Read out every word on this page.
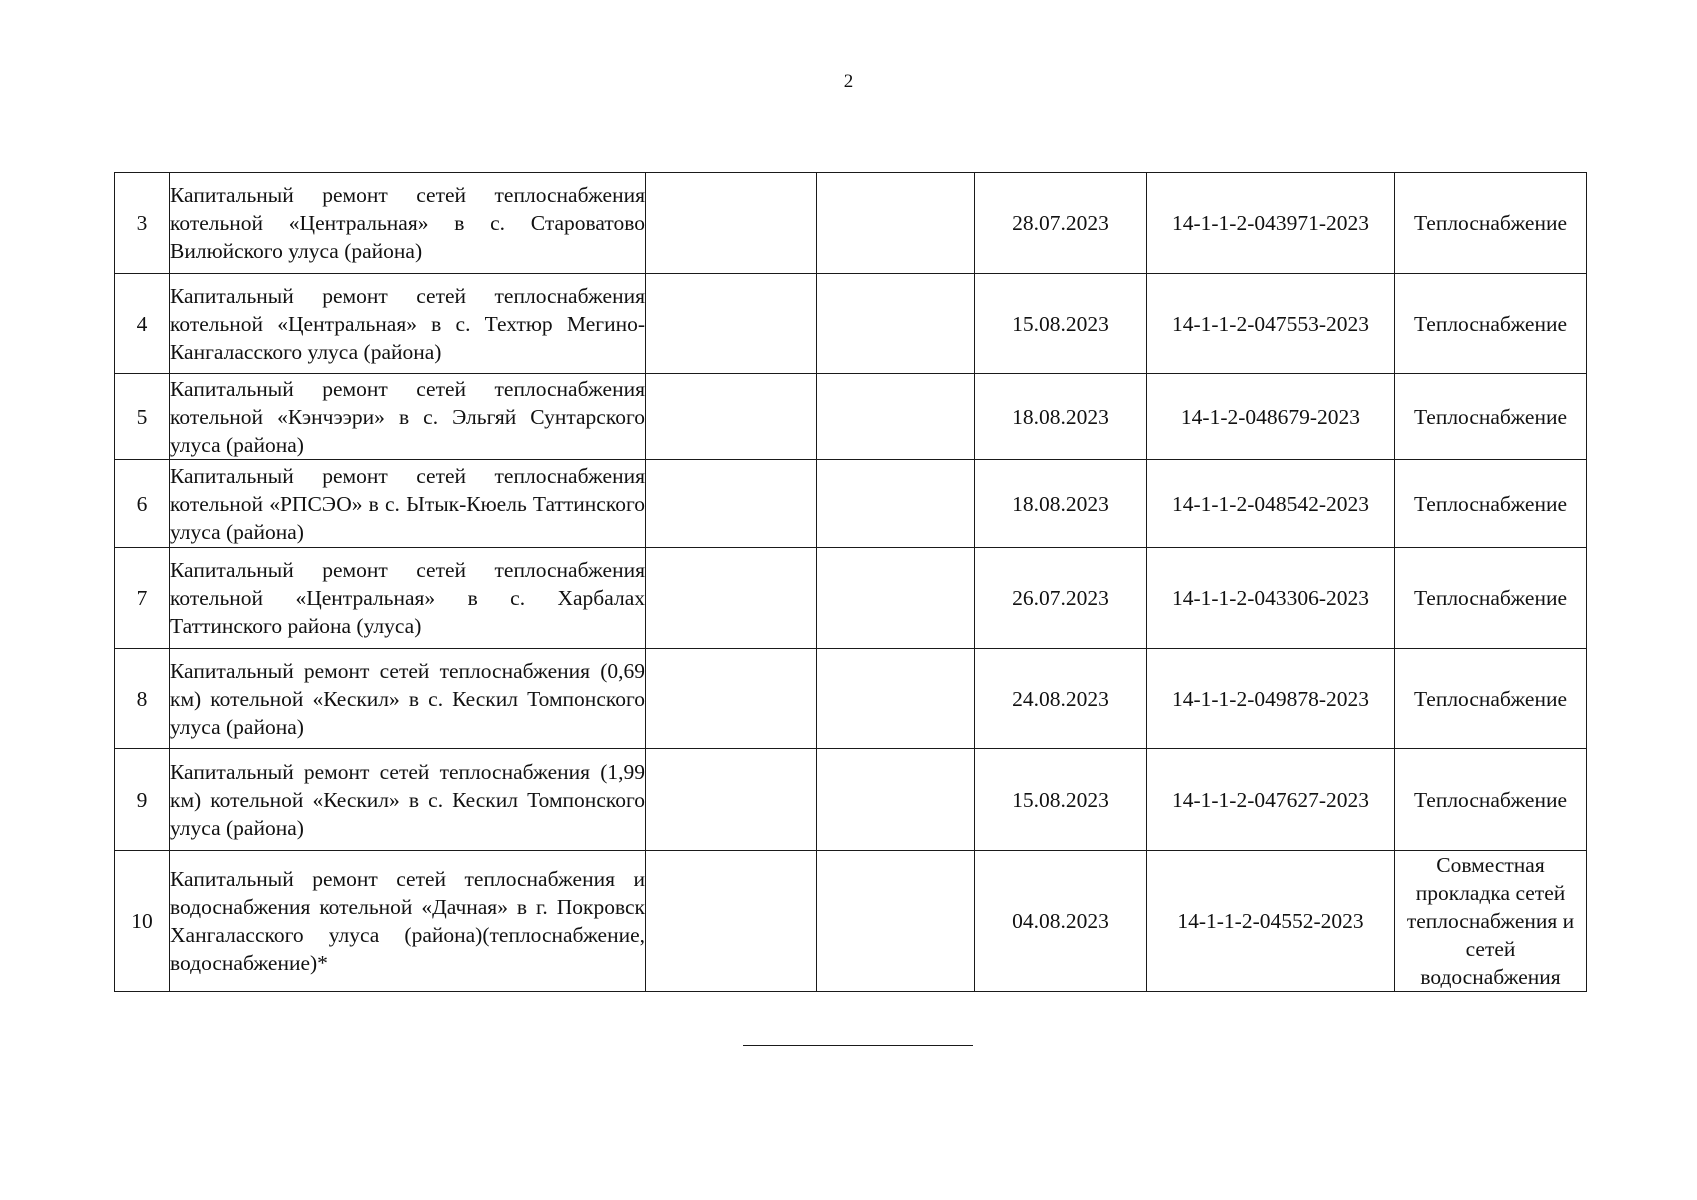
2
3	Капитальный ремонт сетей теплоснабжения котельной «Центральная» в с. Староватово Вилюйского улуса (района)			28.07.2023	14-1-1-2-043971-2023	Теплоснабжение
4	Капитальный ремонт сетей теплоснабжения котельной «Центральная» в с. Техтюр Мегино-Кангаласского улуса (района)			15.08.2023	14-1-1-2-047553-2023	Теплоснабжение
5	Капитальный ремонт сетей теплоснабжения котельной «Кэнчээри» в с. Эльгяй Сунтарского улуса (района)			18.08.2023	14-1-2-048679-2023	Теплоснабжение
6	Капитальный ремонт сетей теплоснабжения котельной «РПСЭО» в с. Ытык-Кюель Таттинского улуса (района)			18.08.2023	14-1-1-2-048542-2023	Теплоснабжение
7	Капитальный ремонт сетей теплоснабжения котельной «Центральная» в с. Харбалах Таттинского района (улуса)			26.07.2023	14-1-1-2-043306-2023	Теплоснабжение
8	Капитальный ремонт сетей теплоснабжения (0,69 км) котельной «Кескил» в с. Кескил Томпонского улуса (района)			24.08.2023	14-1-1-2-049878-2023	Теплоснабжение
9	Капитальный ремонт сетей теплоснабжения (1,99 км) котельной «Кескил» в с. Кескил Томпонского улуса (района)			15.08.2023	14-1-1-2-047627-2023	Теплоснабжение
10	Капитальный ремонт сетей теплоснабжения и водоснабжения котельной «Дачная» в г. Покровск Хангаласского улуса (района)(теплоснабжение, водоснабжение)*			04.08.2023	14-1-1-2-04552-2023	Совместная прокладка сетей теплоснабжения и сетей водоснабжения
